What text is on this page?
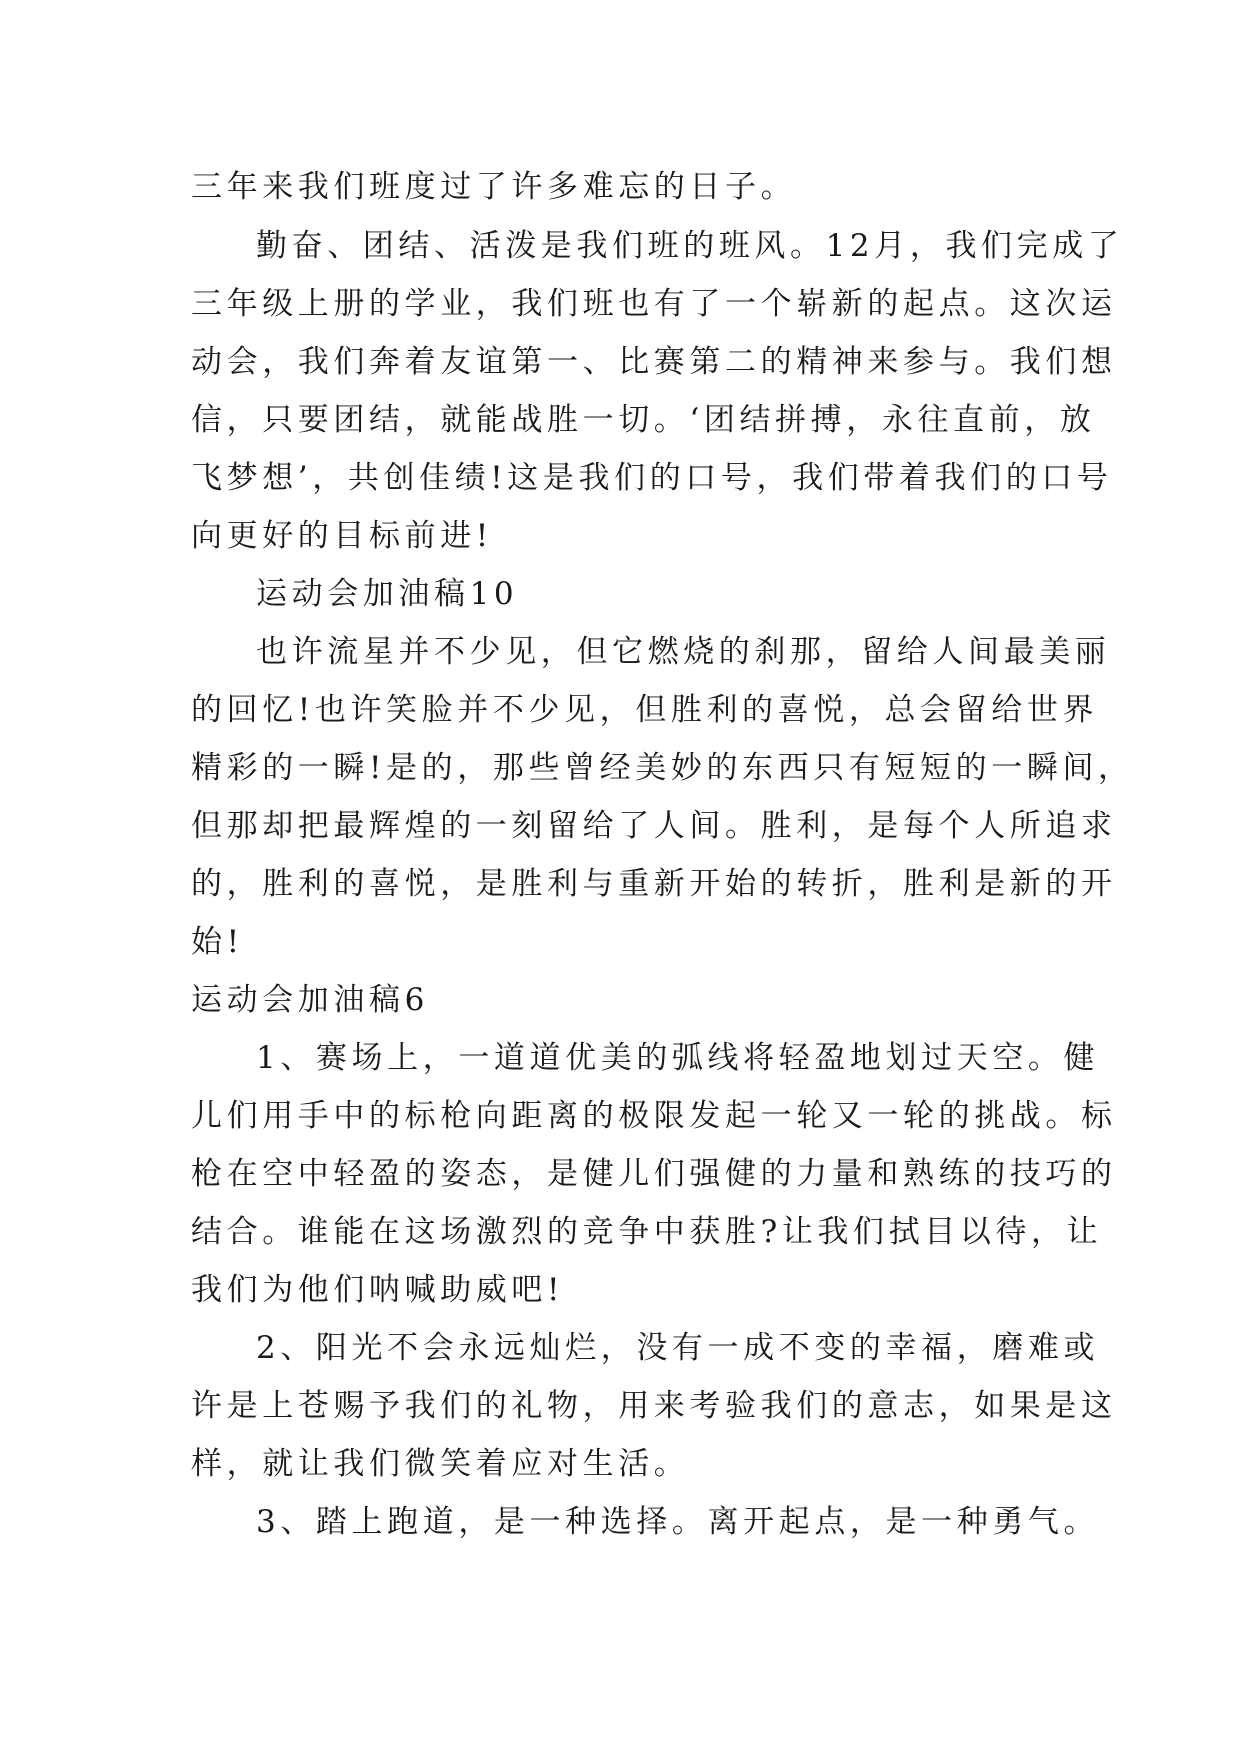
三年来我们班度过了许多难忘的日子。

勤奋、团结、活泼是我们班的班风。12月，我们完成了

三年级上册的学业，我们班也有了一个崭新的起点。这次运

动会，我们奔着友谊第一、比赛第二的精神来参与。我们想

信，只要团结，就能战胜一切。‘团结拼搏，永往直前，放

飞梦想’，共创佳绩!这是我们的口号，我们带着我们的口号

向更好的目标前进!

运动会加油稿10

也许流星并不少见，但它燃烧的刹那，留给人间最美丽

的回忆!也许笑脸并不少见，但胜利的喜悦，总会留给世界

精彩的一瞬!是的，那些曾经美妙的东西只有短短的一瞬间，

但那却把最辉煌的一刻留给了人间。胜利，是每个人所追求

的，胜利的喜悦，是胜利与重新开始的转折，胜利是新的开

始!

运动会加油稿6

1、赛场上，一道道优美的弧线将轻盈地划过天空。健

儿们用手中的标枪向距离的极限发起一轮又一轮的挑战。标

枪在空中轻盈的姿态，是健儿们强健的力量和熟练的技巧的

结合。谁能在这场激烈的竞争中获胜?让我们拭目以待，让

我们为他们呐喊助威吧!

2、阳光不会永远灿烂，没有一成不变的幸福，磨难或

许是上苍赐予我们的礼物，用来考验我们的意志，如果是这

样，就让我们微笑着应对生活。

3、踏上跑道，是一种选择。离开起点，是一种勇气。
